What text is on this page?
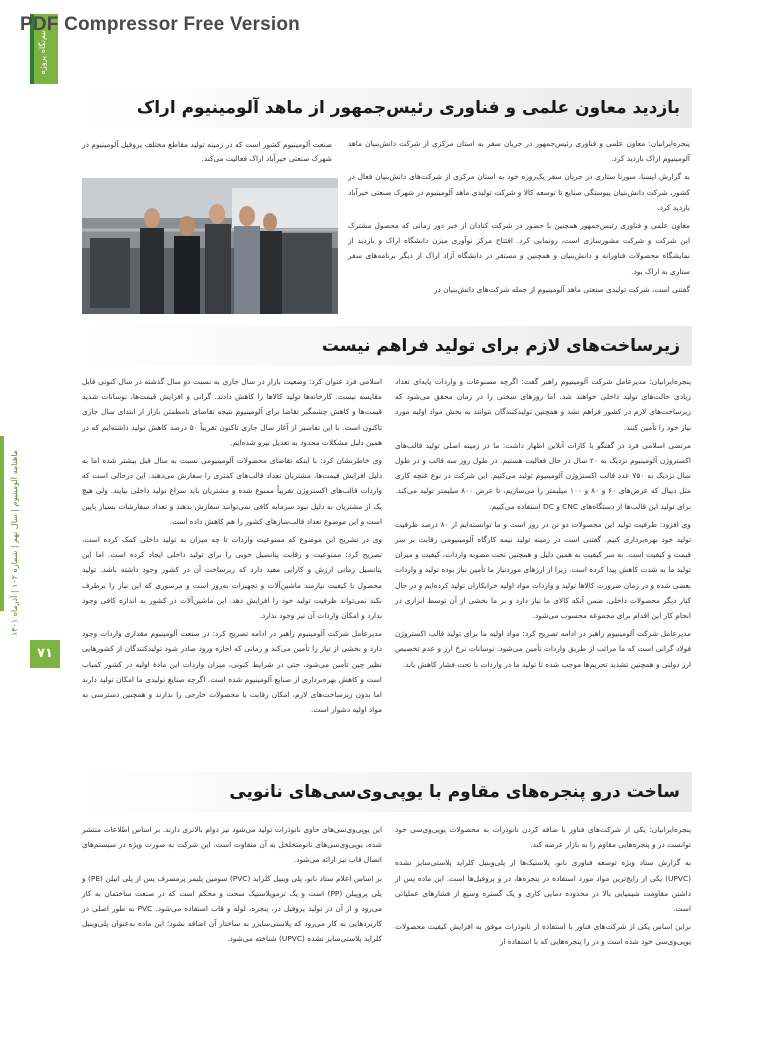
PDF Compressor Free Version
نیم‌نگاه پروژه
ماهنامه آلومینیوم | سال نهم | شماره ۱۰۲ | آذرماه ۱۴۰۱
۷۱
بازدید معاون علمی و فناوری رئیس‌جمهور از ماهد آلومینیوم اراک
صنعت آلومینیوم کشور است که در زمینه تولید مقاطع مختلف پروفیل آلومینیوم در شهرک صنعتی خیرآباد اراک فعالیت می‌کند.

پنجره‌ایرانیان: معاون علمی و فناوری رئیس‌جمهور در جریان سفر به استان مرکزی از شرکت دانش‌بنیان ماهد آلومینیوم اراک بازدید کرد.

به گزارش ایسنا، سورنا ستاری در جریان سفر یک‌روزه خود به استان مرکزی از شرکت‌های دانش‌بنیان فعال در کشور، شرکت دانش‌بنیان پیوستگی صنایع تا توسعه کالا و شرکت تولیدی ماهد آلومینیوم در شهرک صنعتی خیرآباد بازدید کرد.

معاون علمی و فناوری رئیس‌جمهور همچنین با حضور در شرکت کنادان از خبر دور زمانی که محصول مشترک این شرکت و شرکت مشورسازی است، رونمایی کرد. افتتاح مرکز نوآوری میزن دانشگاه اراک و بازدید از نمایشگاه محصولات فناورانه و دانش‌بنیان و همچنین و مستقر در دانشگاه آزاد اراک از دیگر برنامه‌های سفر ستاری به اراک بود.

گفتنی است، شرکت تولیدی صنعتی ماهد آلومینیوم از جمله شرکت‌های دانش‌بنیان در

زیرساخت‌های لازم برای تولید فراهم نیست

پنجره‌ایرانیان: مدیرعامل شرکت آلومینیوم راهبر گفت: اگرچه مصنوعات و واردات پایه‌ای تعداد زیادی حالت‌های تولید داخلی خواهند شد، اما روزهای سختی را در زمان محقق می‌شود که زیرساخت‌های لازم در کشور فراهم نشد و همچنین تولیدکنندگان نتوانند به بخش مواد اولیه مورد نیاز خود را تأمین کنند.

مرتضی اسلامی فرد در گفتگو با کارات آنلاین اظهار داشت: ما در زمینه اصلی تولید قالب‌های اکستروژن آلومینیوم نزدیک به ۲۰ سال در حال فعالیت هستیم. در طول روز سه قالب و در طول سال نزدیک به ۷۵۰ عدد قالب اکستروژن آلومینیوم تولید می‌کنیم. این شرکت در نوع غنچه کاری مثل دیبال که عرض‌های ۶۰ و ۸۰ و ۱۰۰ میلیمتر را می‌سازیم، تا عرض ۸۰۰ میلیمتر تولید می‌کند. برای تولید این قالب‌ها از دستگاه‌های CNC و DC استفاده می‌کنیم.

وی افزود: ظرفیت تولید این محصولات دو تن در روز است و ما توانسته‌ایم از ۸۰ درصد ظرفیت تولید خود بهره‌برداری کنیم. گفتنی است در زمینه تولید نیمه کارگاه آلومینیومی رقابت بر سر قیمت و کیفیت است. به سر کیفیت به همین دلیل و همچنین تحت مصوبه واردات، کیفیت و میزان تولید ما به شدت کاهش پیدا کرده است. زیرا از ارزهای موردنیاز ما تأمین نیاز بوده تولید و واردات بعضی شده و در زمان ضرورت کالاها تولید و واردات مواد اولیه خرابکاران تولید کرده‌ایم و در حال کنار دیگر محصولات داخلی، ضمن آنکه کالای ما نیاز دارد و بر ما بخشی از آن توسط ابزاری در انجام کار این اقدام برای مجموعه محسوب می‌شود.

مدیرعامل شرکت آلومینیوم راهبر در ادامه تصریح کرد: مواد اولیه ما برای تولید قالب اکستروژن فولاد گرانی است که ما مراتب از طریق واردات تأمین می‌شود. نوسانات نرخ ارز و عدم تخصیص ارز دولتی و همچنین تشدید تحریم‌ها موجب شده تا تولید ما در واردات با تحت فشار کاهش یابد.

اسلامی فرد عنوان کرد: وضعیت بازار در سال جاری به نسبت دو سال گذشته در سال کنونی قابل مقایسه نیست. کارخانه‌ها تولید کالاها را کاهش دادند. گرانی و افزایش قیمت‌ها، نوسانات شدید قیمت‌ها و کاهش چشمگیر تقاضا برای آلومینیوم نتیجه تقاضای نامطمئن بازار از ابتدای سال جاری تاکنون است. با این تفاسیر از آغاز سال جاری تاکنون تقریباً ۵۰ درصد کاهش تولید داشته‌ایم که در همین دلیل مشکلات محدود به تعدیل نیرو شده‌ایم.

وی خاطرنشان کرد: با اینکه تقاضای محصولات آلومینیومی نسبت به سال قبل بیشتر شده اما به دلیل افزایش قیمت‌ها، مشتریان تعداد قالب‌های کمتری را سفارش می‌دهند. این درحالی است که واردات قالب‌های اکستروژن تقریباً ممنوع شده و مشتریان باید سراغ تولید داخلی بیایند. ولی هیچ یک از مشتریان به دلیل نبود سرمایه کافی نمی‌توانند سفارش بدهند و تعداد سفارشات بسیار پایین است و این موضوع تعداد قالب‌سازهای کشور را هم کاهش داده است.

وی در تشریح این موضوع که ممنوعیت واردات تا چه میزان به تولید داخلی کمک کرده است، تصریح کرد: ممنوعیت و رقابت پتانسیل خوبی را برای تولید داخلی ایجاد کرده است. اما این پتانسیل زمانی ارزش و کارایی مفید دارد که زیرساخت آن در کشور وجود داشته باشد. تولید محصول با کیفیت نیازمند ماشین‌آلات و تجهیزات به‌روز است و مرصوری که این نیاز را برطرف نکند نمی‌تواند ظرفیت تولید خود را افزایش دهد. این ماشین‌آلات در کشور به اندازه کافی وجود ندارد و امکان واردات آن نیز وجود ندارد.

مدیرعامل شرکت آلومینیوم راهبر در ادامه تصریح کرد: در صنعت آلومینیوم مقداری واردات وجود دارد و بخشی از نیاز را تأمین می‌کند و زمانی که اجازه ورود صادر شود تولیدکنندگان از کشورهایی نظیر چین تأمین می‌شود، حتی در شرایط کنونی، میزان واردات این مادهٔ اولیه در کشور کمیاب است و کاهش بهره‌برداری از صنایع آلومینیوم شده است. اگرچه صنایع تولیدی ما امکان تولید دارند اما بدون زیرساخت‌های لازم، امکان رقابت با محصولات خارجی را ندارند و همچنین دسترسی به مواد اولیه دشوار است.

ساخت درو پنجره‌های مقاوم با یوپی‌وی‌سی‌های نانویی

پنجره‌ایرانیان: یکی از شرکت‌های فناور با ضافه کردن نانوذرات به محصولات یوپی‌وی‌سی خود توانست در و پنجره‌هایی مقاوم را به بازار عرضه کند.

به گزارش ستاد ویژه توسعه فناوری نانو، پلاستیک‌ها از پلی‌وینیل کلراید پلاستی‌سایز نشده (UPVC) یکی از رایج‌ترین مواد مورد استفاده در پنجره‌ها، در و پروفیل‌ها است. این ماده پس از داشتن مقاومت شیمیایی بالا در محدوده دمایی کاری و یک گستره وسیع از فشارهای عملیاتی است.

براین اساس یکی از شرکت‌های فناور با استفاده از نانوذرات موفق به افزایش کیفیت محصولات یوپی‌وی‌سی خود شده است و در را پنجره‌هایی که با استفاده از

این یوپی‌وی‌سی‌های حاوی نانوذرات تولید می‌شود نیز دوام بالاتری دارند. بر اساس اطلاعات منتشر شده، یوپی‌وی‌سی‌های نانومتخلخل به آن متفاوت است. این شرکت به صورت ویژه در سیستم‌های اتصال قاب نیز ارائه می‌شود.

بر اساس اعلام ستاد نانو، پلی وینیل کلراید (PVC) سومین پلیمر پرمصرف پس از پلی اتیلن (PE) و پلی پروپیلن (PP) است و یک ترموپلاستیک سخت و محکم است که در صنعت ساختمان به کار می‌رود و از آن در تولید پروفیل در، پنجره، لوله و قاب استفاده می‌شود. PVC به طور اصلی در کاربردهایی به کار می‌رود که پلاستی‌سایزر به ساختار آن اضافه نشود؛ این ماده به‌عنوان پلی‌وینیل کلراید پلاستی‌سایز نشده (UPVC) شناخته می‌شود.
